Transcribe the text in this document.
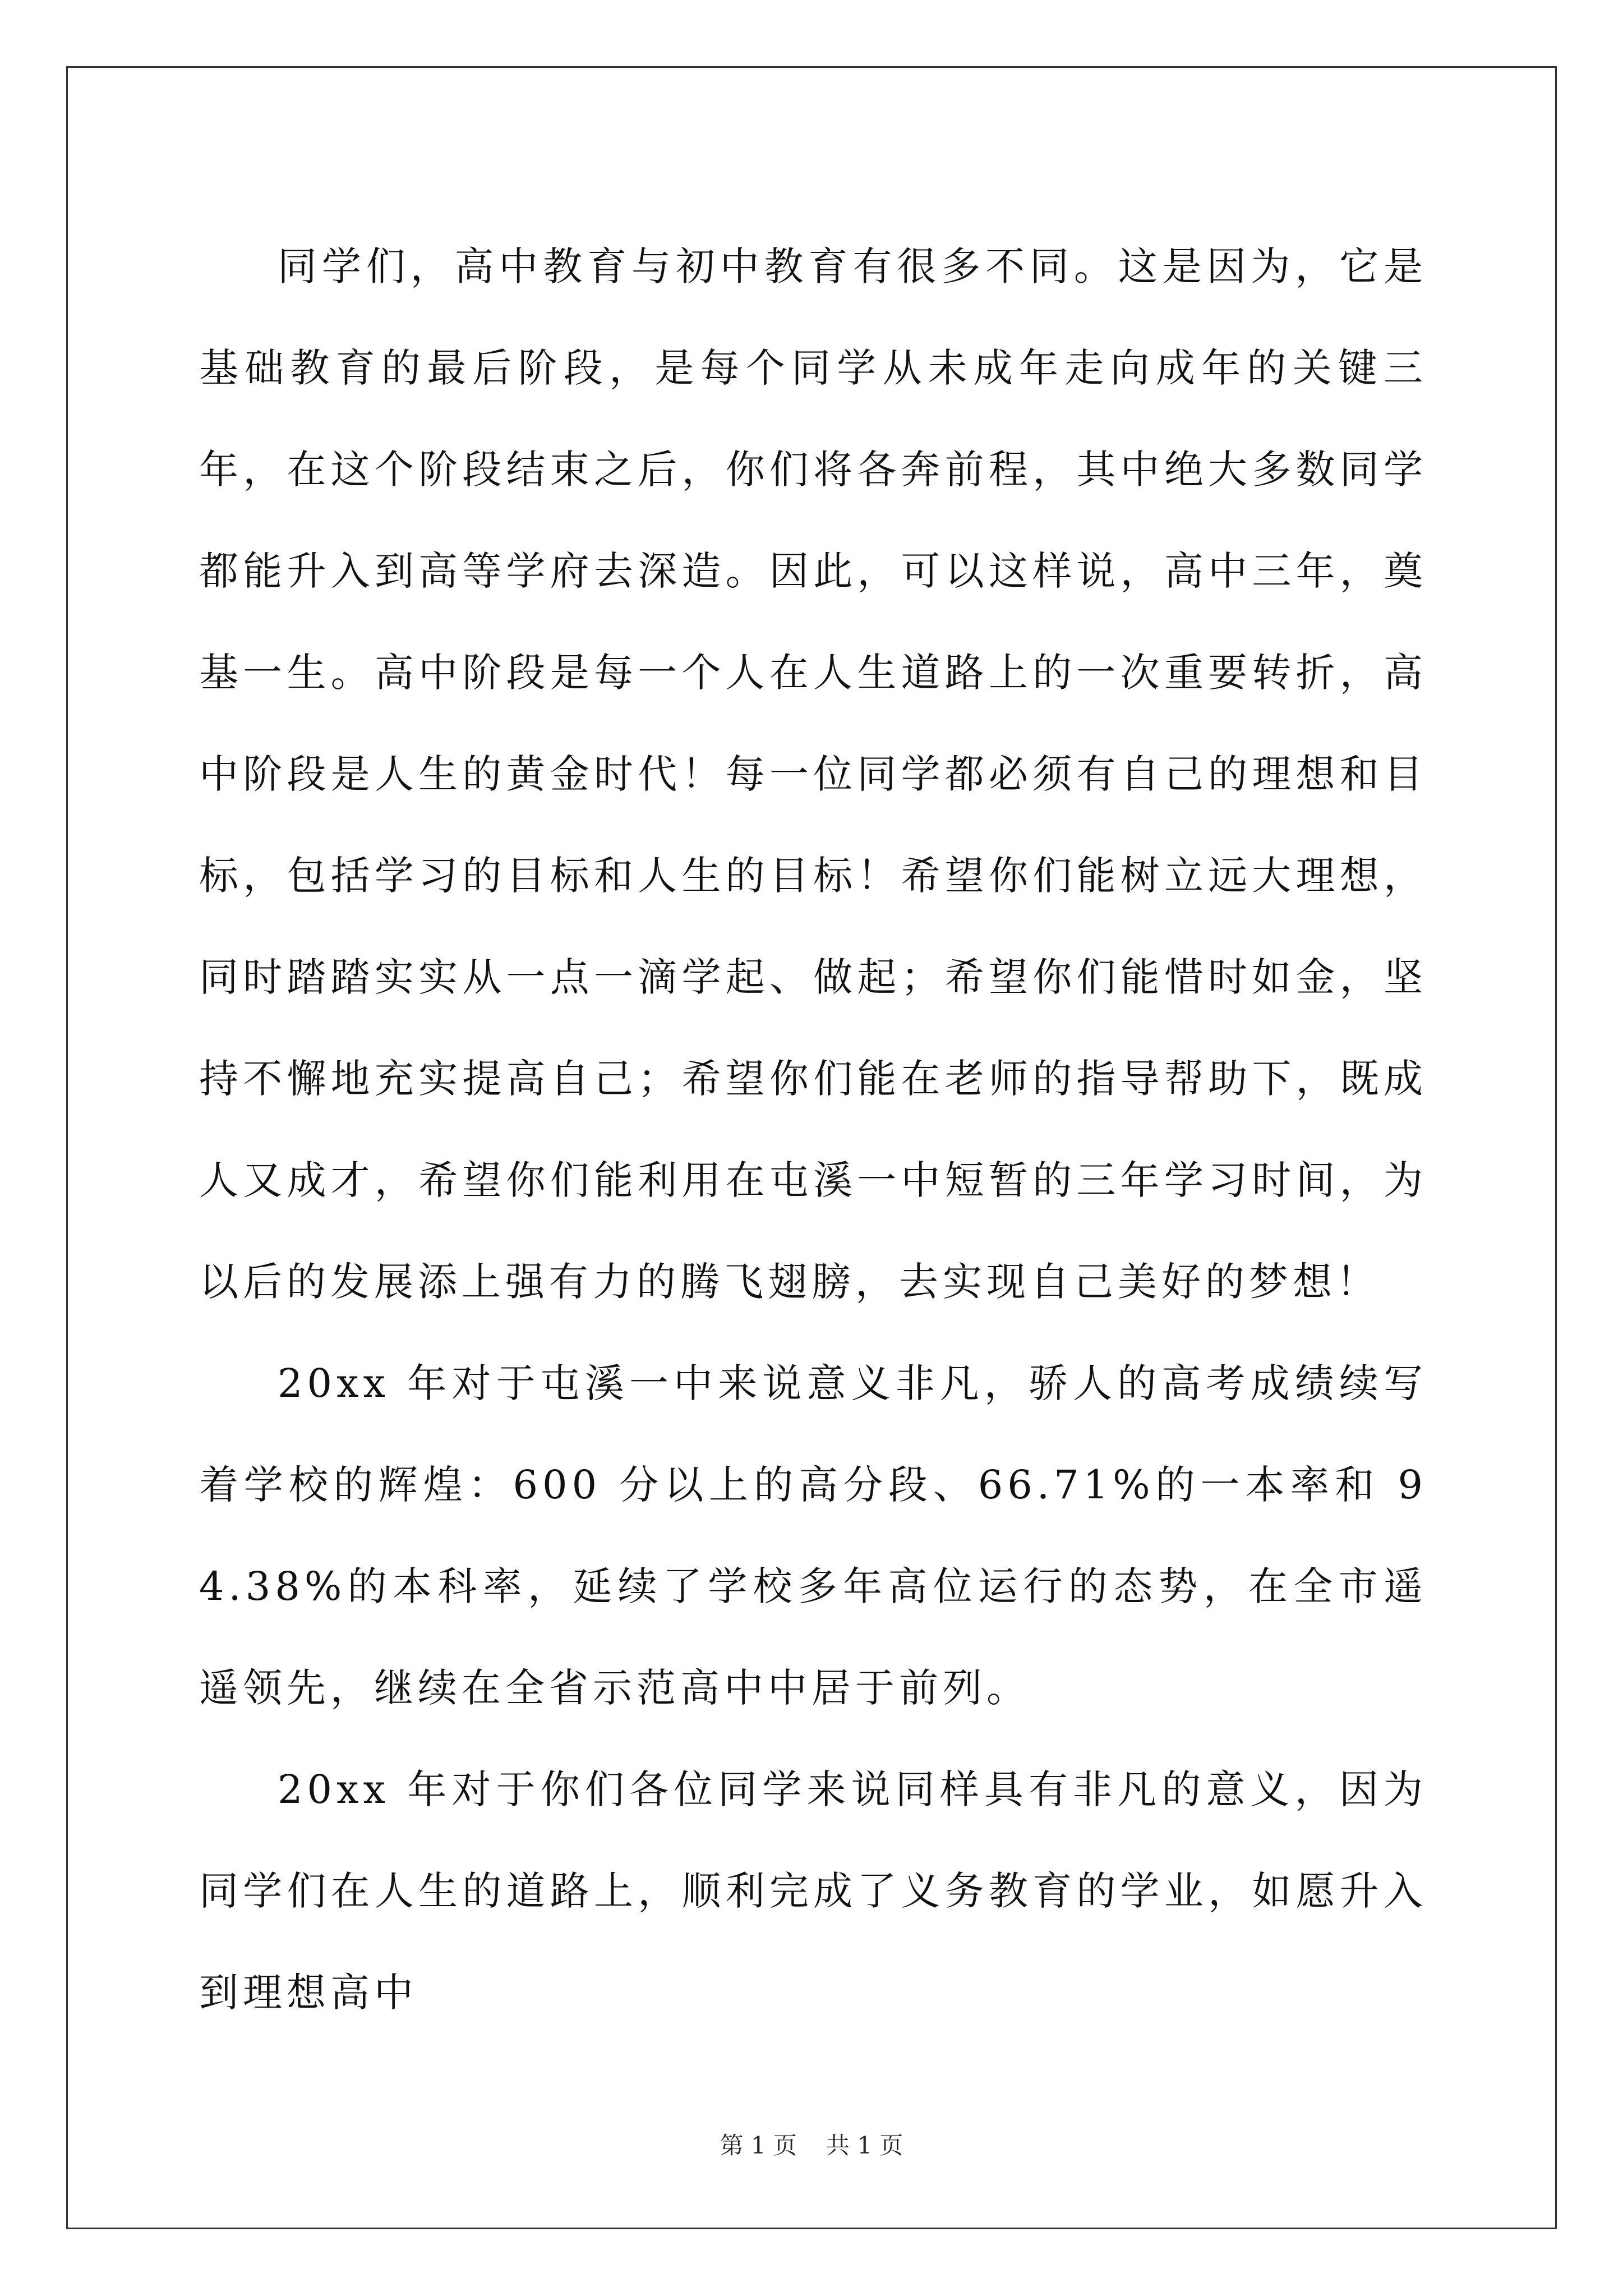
同学们，高中教育与初中教育有很多不同。这是因为，它是基础教育的最后阶段，是每个同学从未成年走向成年的关键三年，在这个阶段结束之后，你们将各奔前程，其中绝大多数同学都能升入到高等学府去深造。因此，可以这样说，高中三年，奠基一生。高中阶段是每一个人在人生道路上的一次重要转折，高中阶段是人生的黄金时代！每一位同学都必须有自己的理想和目标，包括学习的目标和人生的目标！希望你们能树立远大理想，同时踏踏实实从一点一滴学起、做起；希望你们能惜时如金，坚持不懈地充实提高自己；希望你们能在老师的指导帮助下，既成人又成才，希望你们能利用在屯溪一中短暂的三年学习时间，为以后的发展添上强有力的腾飞翅膀，去实现自己美好的梦想！

20xx 年对于屯溪一中来说意义非凡，骄人的高考成绩续写着学校的辉煌：600 分以上的高分段、66.71%的一本率和 94.38%的本科率，延续了学校多年高位运行的态势，在全市遥遥领先，继续在全省示范高中中居于前列。

20xx 年对于你们各位同学来说同样具有非凡的意义，因为同学们在人生的道路上，顺利完成了义务教育的学业，如愿升入到理想高中

第 1 页 共 1 页
